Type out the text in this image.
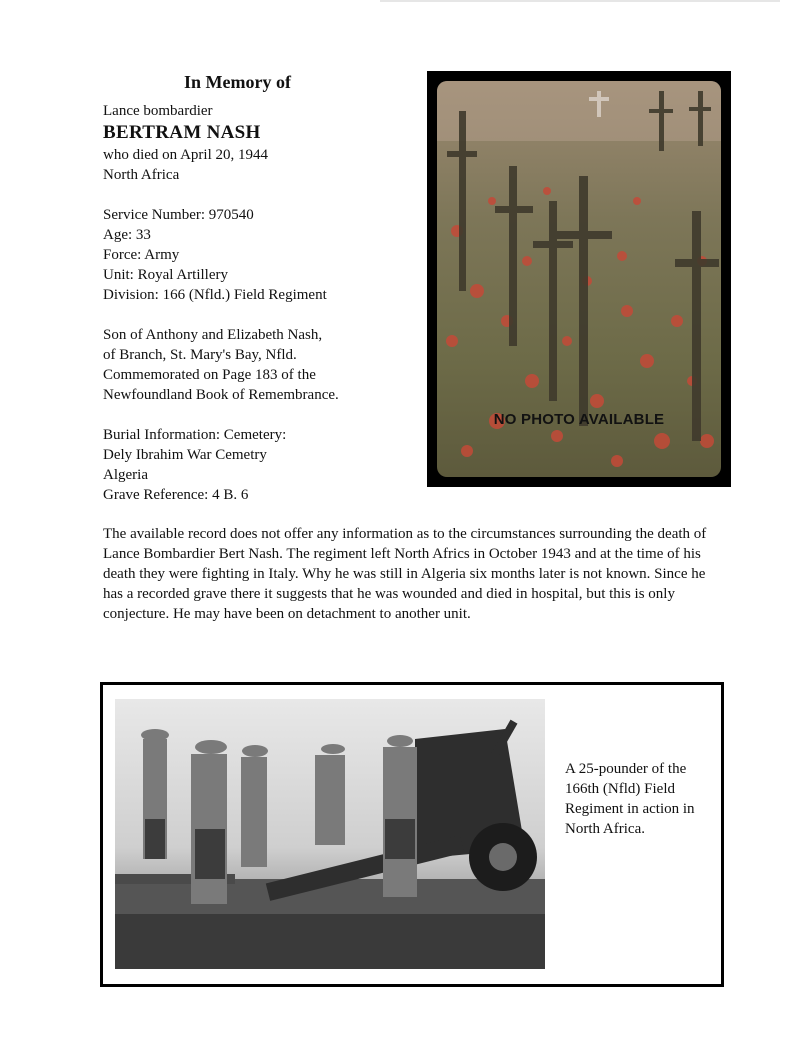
In Memory of
Lance bombardier
BERTRAM NASH
who died on April 20, 1944
North Africa
Service Number: 970540
Age: 33
Force: Army
Unit: Royal Artillery
Division: 166 (Nfld.) Field Regiment
Son of Anthony and Elizabeth Nash,
of Branch, St. Mary's Bay, Nfld.
Commemorated on Page 183 of the
Newfoundland Book of Remembrance.
Burial Information: Cemetery:
Dely Ibrahim War Cemetry
Algeria
Grave Reference: 4 B. 6
NO PHOTO AVAILABLE
The available record does not offer any information as to the circumstances surrounding the death of Lance Bombardier Bert Nash. The regiment left North Africs in October 1943 and at the time of his death they were fighting in Italy. Why he was still in Algeria six months later is not known. Since he has a recorded grave there it suggests that he was wounded and died in hospital, but this is only conjecture. He may have been on detachment to another unit.
A 25-pounder of the 166th (Nfld) Field Regiment in action in North Africa.
